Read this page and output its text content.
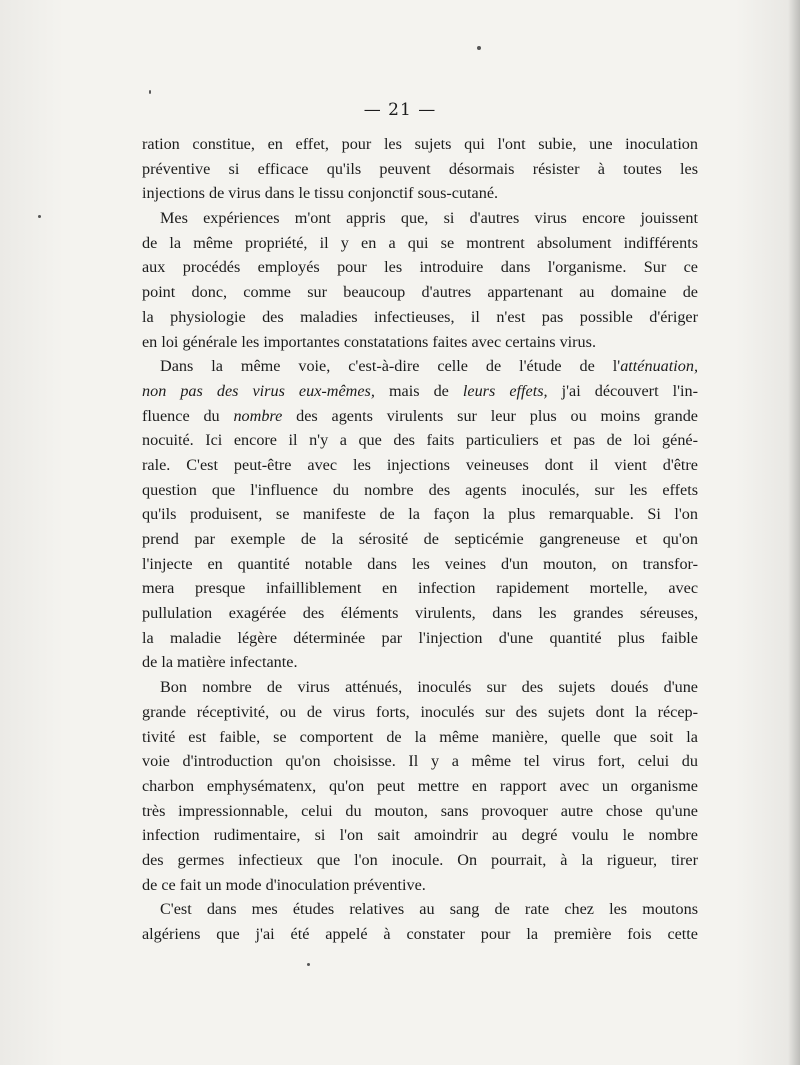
— 21 —
ration constitue, en effet, pour les sujets qui l'ont subie, une inoculation
préventive si efficace qu'ils peuvent désormais résister à toutes les
injections de virus dans le tissu conjonctif sous-cutané.
Mes expériences m'ont appris que, si d'autres virus encore jouissent
de la même propriété, il y en a qui se montrent absolument indifférents
aux procédés employés pour les introduire dans l'organisme. Sur ce
point donc, comme sur beaucoup d'autres appartenant au domaine de
la physiologie des maladies infectieuses, il n'est pas possible d'ériger
en loi générale les importantes constatations faites avec certains virus.
Dans la même voie, c'est-à-dire celle de l'étude de l'atténuation,
non pas des virus eux-mêmes, mais de leurs effets, j'ai découvert l'in-
fluence du nombre des agents virulents sur leur plus ou moins grande
nocuité. Ici encore il n'y a que des faits particuliers et pas de loi géné-
rale. C'est peut-être avec les injections veineuses dont il vient d'être
question que l'influence du nombre des agents inoculés, sur les effets
qu'ils produisent, se manifeste de la façon la plus remarquable. Si l'on
prend par exemple de la sérosité de septicémie gangreneuse et qu'on
l'injecte en quantité notable dans les veines d'un mouton, on transfor-
mera presque infailliblement en infection rapidement mortelle, avec
pullulation exagérée des éléments virulents, dans les grandes séreuses,
la maladie légère déterminée par l'injection d'une quantité plus faible
de la matière infectante.
Bon nombre de virus atténués, inoculés sur des sujets doués d'une
grande réceptivité, ou de virus forts, inoculés sur des sujets dont la récep-
tivité est faible, se comportent de la même manière, quelle que soit la
voie d'introduction qu'on choisisse. Il y a même tel virus fort, celui du
charbon emphysématenx, qu'on peut mettre en rapport avec un organisme
très impressionnable, celui du mouton, sans provoquer autre chose qu'une
infection rudimentaire, si l'on sait amoindrir au degré voulu le nombre
des germes infectieux que l'on inocule. On pourrait, à la rigueur, tirer
de ce fait un mode d'inoculation préventive.
C'est dans mes études relatives au sang de rate chez les moutons
algériens que j'ai été appelé à constater pour la première fois cette
